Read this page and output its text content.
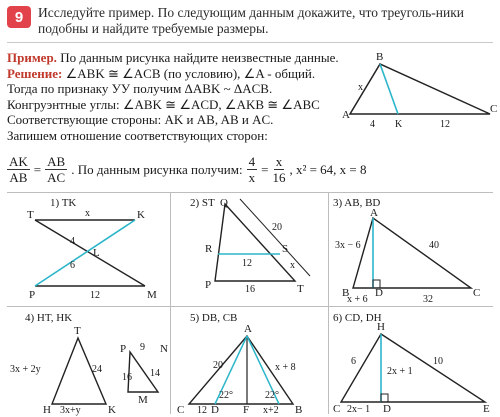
9	Исследуйте пример. По следующим данным докажите, что треуголь-ники подобны и найдите требуемые размеры.
Пример. По данным рисунка найдите неизвестные данные.
Решение: ∠ABK ≅ ∠ACB (по условию), ∠A - общий.
Тогда по признаку УУ получим ΔABK ~ ΔACB.
Конгруэнтные углы: ∠ABK ≅ ∠ACD, ∠AKB ≅ ∠ABC
Соответствующие стороны: AK и AB, AB и AC.
Запишем отношение соответствующих сторон:
$\frac{AK}{AB} = \frac{AB}{AC}$ . По данным рисунка получим: $\frac{4}{x} = \frac{x}{16}$ , x² = 64, x = 8
A
B
C
K
x
4	12
1) TK
T	K
L
P	M
x
4
6
12
2) ST Q
R	S
P	T
20
12
16
x
3) AB, BD
A
B	C
D
3x − 6	40
x + 6	32
4) HT, HK
T
H	K
P	N
M
3x + 2y	24
3x+y
9
16 14
5) DB, CB
A
C	B
D F
20	x + 8
12	x+2
22°	22°
6) CD, DH
H
C	D	E
6	10
2x + 1
2x− 1
